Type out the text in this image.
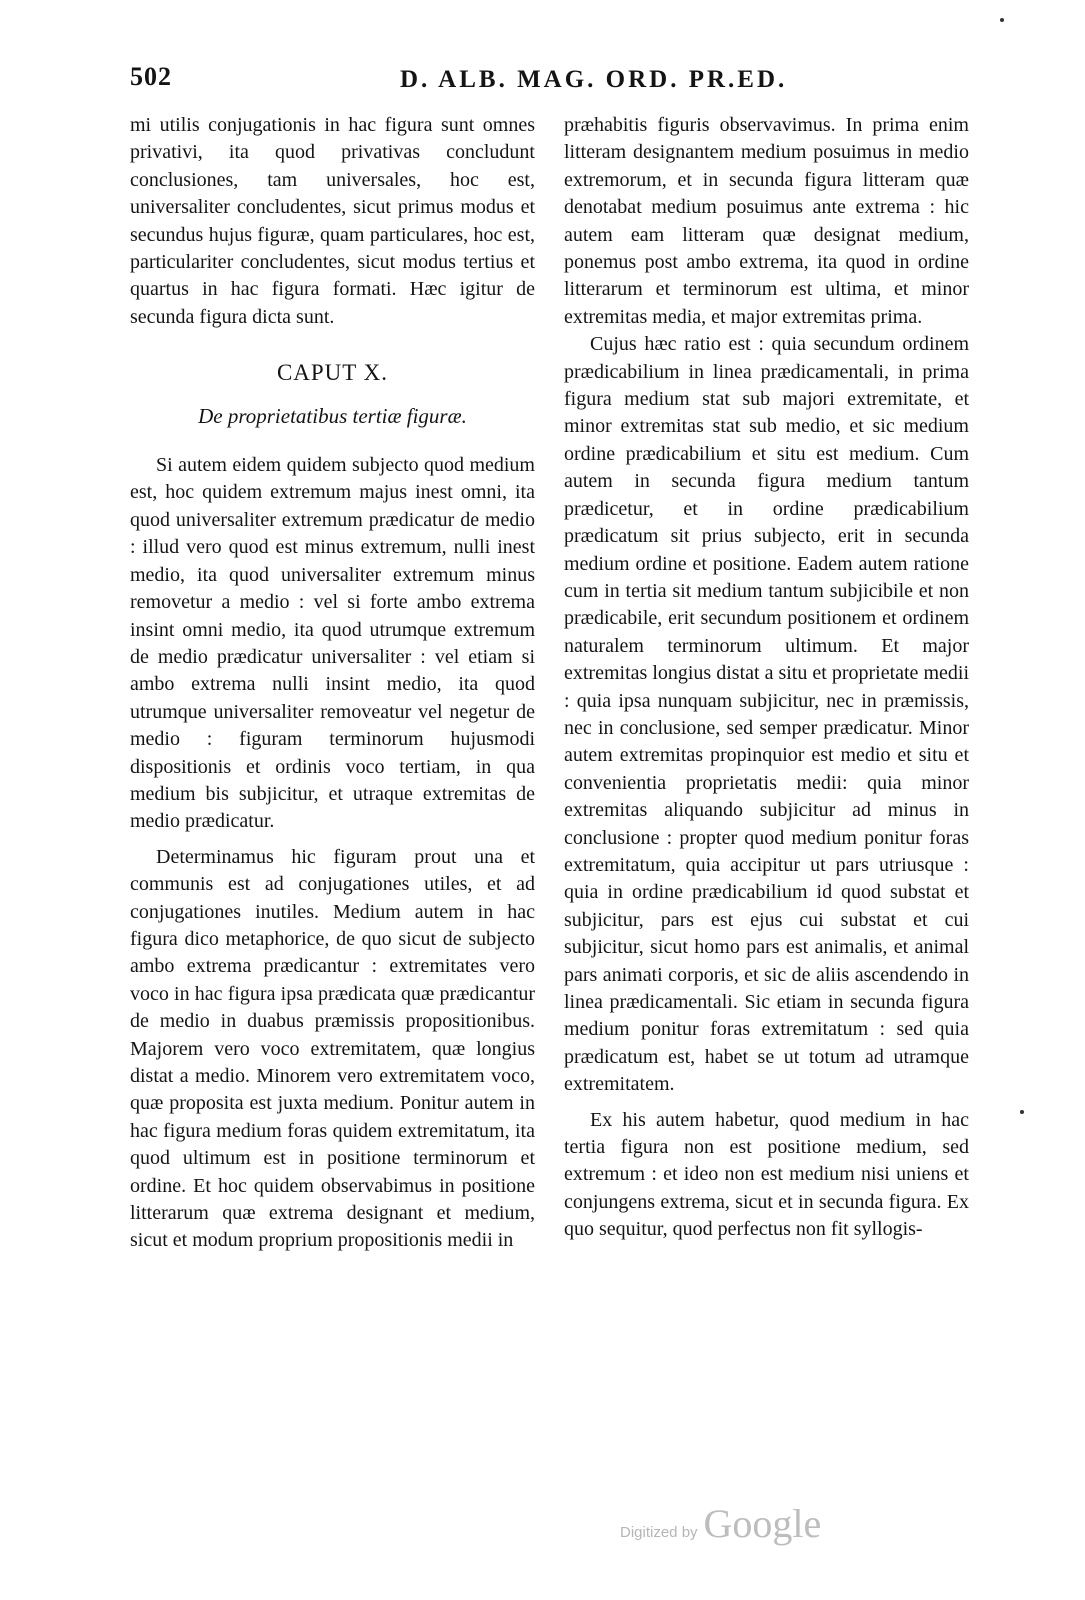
502	D. ALB. MAG. ORD. PR.ED.

mi utilis conjugationis in hac figura sunt omnes privativi, ita quod privativas concludunt conclusiones, tam universales, hoc est, universaliter concludentes, sicut primus modus et secundus hujus figuræ, quam particulares, hoc est, particulariter concludentes, sicut modus tertius et quartus in hac figura formati. Hæc igitur de secunda figura dicta sunt.

CAPUT X.
De proprietatibus tertiæ figuræ.

Si autem eidem quidem subjecto quod medium est, hoc quidem extremum majus inest omni, ita quod universaliter extremum prædicatur de medio : illud vero quod est minus extremum, nulli inest medio, ita quod universaliter extremum minus removetur a medio : vel si forte ambo extrema insint omni medio, ita quod utrumque extremum de medio prædicatur universaliter : vel etiam si ambo extrema nulli insint medio, ita quod utrumque universaliter removeatur vel negetur de medio : figuram terminorum hujusmodi dispositionis et ordinis voco tertiam, in qua medium bis subjicitur, et utraque extremitas de medio prædicatur.

Determinamus hic figuram prout una et communis est ad conjugationes utiles, et ad conjugationes inutiles. Medium autem in hac figura dico metaphorice, de quo sicut de subjecto ambo extrema prædicantur : extremitates vero voco in hac figura ipsa prædicata quæ prædicantur de medio in duabus præmissis propositionibus. Majorem vero voco extremitatem, quæ longius distat a medio. Minorem vero extremitatem voco, quæ proposita est juxta medium. Ponitur autem in hac figura medium foras quidem extremitatum, ita quod ultimum est in positione terminorum et ordine. Et hoc quidem observabimus in positione litterarum quæ extrema designant et medium, sicut et modum proprium propositionis medii in

præhabitis figuris observavimus. In prima enim litteram designantem medium posuimus in medio extremorum, et in secunda figura litteram quæ denotabat medium posuimus ante extrema : hic autem eam litteram quæ designat medium, ponemus post ambo extrema, ita quod in ordine litterarum et terminorum est ultima, et minor extremitas media, et major extremitas prima.

Cujus hæc ratio est : quia secundum ordinem prædicabilium in linea prædicamentali, in prima figura medium stat sub majori extremitate, et minor extremitas stat sub medio, et sic medium ordine prædicabilium et situ est medium. Cum autem in secunda figura medium tantum prædicetur, et in ordine prædicabilium prædicatum sit prius subjecto, erit in secunda medium ordine et positione. Eadem autem ratione cum in tertia sit medium tantum subjicibile et non prædicabile, erit secundum positionem et ordinem naturalem terminorum ultimum. Et major extremitas longius distat a situ et proprietate medii : quia ipsa nunquam subjicitur, nec in præmissis, nec in conclusione, sed semper prædicatur. Minor autem extremitas propinquior est medio et situ et convenientia proprietatis medii: quia minor extremitas aliquando subjicitur ad minus in conclusione : propter quod medium ponitur foras extremitatum, quia accipitur ut pars utriusque : quia in ordine prædicabilium id quod substat et subjicitur, pars est ejus cui substat et cui subjicitur, sicut homo pars est animalis, et animal pars animati corporis, et sic de aliis ascendendo in linea prædicamentali. Sic etiam in secunda figura medium ponitur foras extremitatum : sed quia prædicatum est, habet se ut totum ad utramque extremitatem.

Ex his autem habetur, quod medium in hac tertia figura non est positione medium, sed extremum : et ideo non est medium nisi uniens et conjungens extrema, sicut et in secunda figura. Ex quo sequitur, quod perfectus non fit syllogis-

Digitized by Google
